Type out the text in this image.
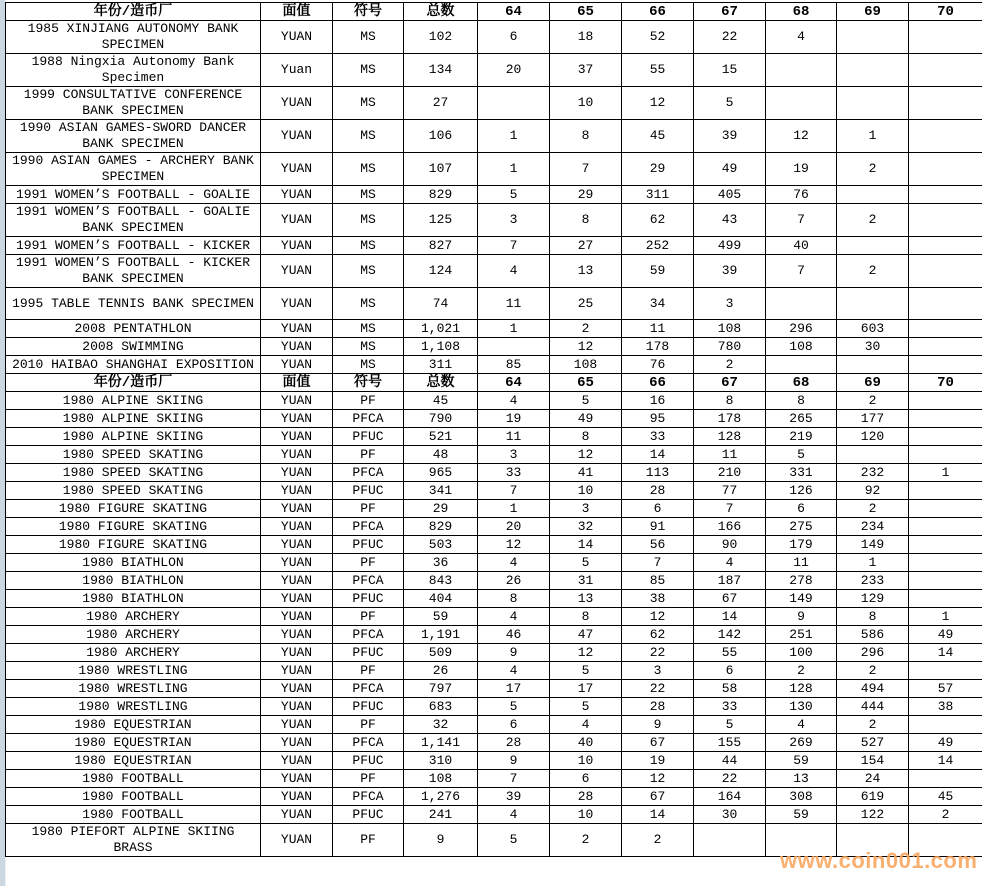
年份/造币厂	面值	符号	总数	64	65	66	67	68	69	70
1985 XINJIANG AUTONOMY BANK SPECIMEN	YUAN	MS	102	6	18	52	22	4		
1988 Ningxia Autonomy Bank Specimen	Yuan	MS	134	20	37	55	15			
1999 CONSULTATIVE CONFERENCE BANK SPECIMEN	YUAN	MS	27		10	12	5			
1990 ASIAN GAMES-SWORD DANCER BANK SPECIMEN	YUAN	MS	106	1	8	45	39	12	1	
1990 ASIAN GAMES - ARCHERY BANK SPECIMEN	YUAN	MS	107	1	7	29	49	19	2	
1991 WOMEN’S FOOTBALL - GOALIE	YUAN	MS	829	5	29	311	405	76		
1991 WOMEN’S FOOTBALL - GOALIE BANK SPECIMEN	YUAN	MS	125	3	8	62	43	7	2	
1991 WOMEN’S FOOTBALL - KICKER	YUAN	MS	827	7	27	252	499	40		
1991 WOMEN’S FOOTBALL - KICKER BANK SPECIMEN	YUAN	MS	124	4	13	59	39	7	2	
1995 TABLE TENNIS BANK SPECIMEN	YUAN	MS	74	11	25	34	3			
2008 PENTATHLON	YUAN	MS	1,021	1	2	11	108	296	603	
2008 SWIMMING	YUAN	MS	1,108		12	178	780	108	30	
2010 HAIBAO SHANGHAI EXPOSITION	YUAN	MS	311	85	108	76	2			
年份/造币厂	面值	符号	总数	64	65	66	67	68	69	70
1980 ALPINE SKIING	YUAN	PF	45	4	5	16	8	8	2	
1980 ALPINE SKIING	YUAN	PFCA	790	19	49	95	178	265	177	
1980 ALPINE SKIING	YUAN	PFUC	521	11	8	33	128	219	120	
1980 SPEED SKATING	YUAN	PF	48	3	12	14	11	5		
1980 SPEED SKATING	YUAN	PFCA	965	33	41	113	210	331	232	1
1980 SPEED SKATING	YUAN	PFUC	341	7	10	28	77	126	92	
1980 FIGURE SKATING	YUAN	PF	29	1	3	6	7	6	2	
1980 FIGURE SKATING	YUAN	PFCA	829	20	32	91	166	275	234	
1980 FIGURE SKATING	YUAN	PFUC	503	12	14	56	90	179	149	
1980 BIATHLON	YUAN	PF	36	4	5	7	4	11	1	
1980 BIATHLON	YUAN	PFCA	843	26	31	85	187	278	233	
1980 BIATHLON	YUAN	PFUC	404	8	13	38	67	149	129	
1980 ARCHERY	YUAN	PF	59	4	8	12	14	9	8	1
1980 ARCHERY	YUAN	PFCA	1,191	46	47	62	142	251	586	49
1980 ARCHERY	YUAN	PFUC	509	9	12	22	55	100	296	14
1980 WRESTLING	YUAN	PF	26	4	5	3	6	2	2	
1980 WRESTLING	YUAN	PFCA	797	17	17	22	58	128	494	57
1980 WRESTLING	YUAN	PFUC	683	5	5	28	33	130	444	38
1980 EQUESTRIAN	YUAN	PF	32	6	4	9	5	4	2	
1980 EQUESTRIAN	YUAN	PFCA	1,141	28	40	67	155	269	527	49
1980 EQUESTRIAN	YUAN	PFUC	310	9	10	19	44	59	154	14
1980 FOOTBALL	YUAN	PF	108	7	6	12	22	13	24	
1980 FOOTBALL	YUAN	PFCA	1,276	39	28	67	164	308	619	45
1980 FOOTBALL	YUAN	PFUC	241	4	10	14	30	59	122	2
1980 PIEFORT ALPINE SKIING BRASS	YUAN	PF	9	5	2	2				
www.coin001.com
